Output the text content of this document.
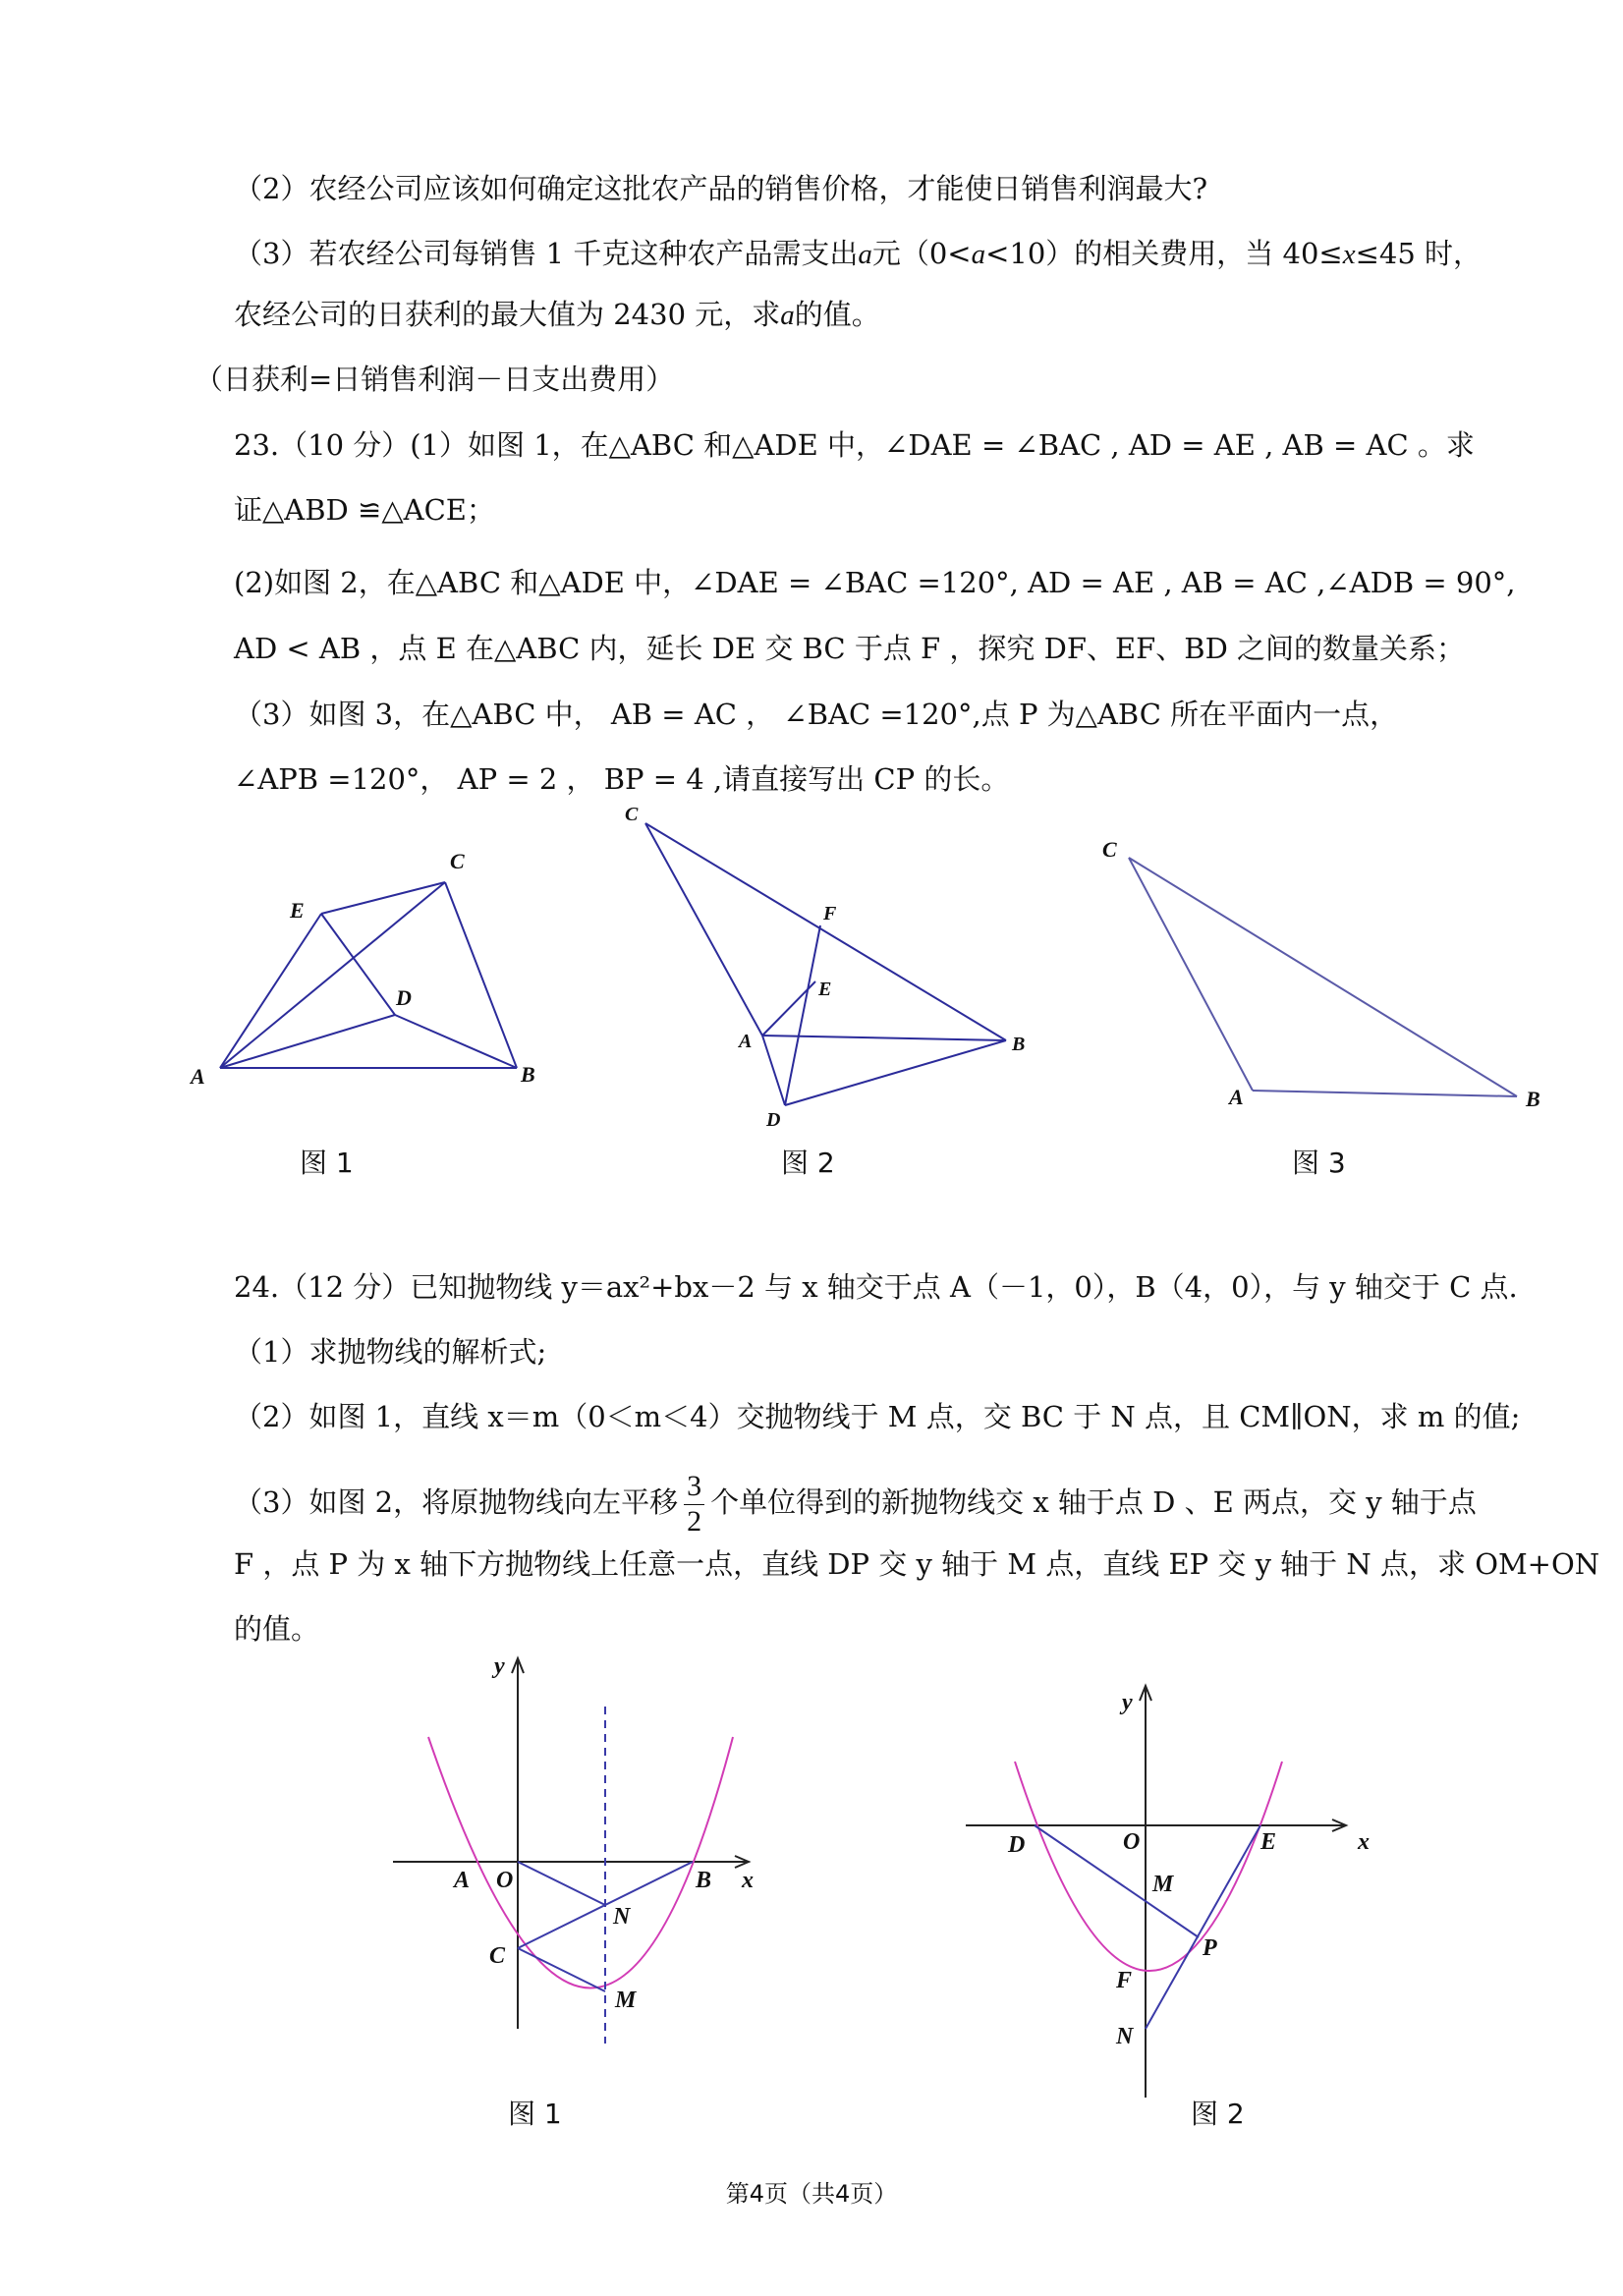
（2）农经公司应该如何确定这批农产品的销售价格，才能使日销售利润最大?
（3）若农经公司每销售 1 千克这种农产品需支出a元（0<a<10）的相关费用，当 40≤x≤45 时，
农经公司的日获利的最大值为 2430 元，求a的值。
（日获利=日销售利润－日支出费用）
23.（10 分）(1）如图 1，在△ABC 和△ADE 中，∠DAE = ∠BAC , AD = AE , AB = AC 。求
证△ABD ≌△ACE；
(2)如图 2，在△ABC 和△ADE 中，∠DAE = ∠BAC =120°, AD = AE , AB = AC ,∠ADB = 90°,
AD < AB ，点 E 在△ABC 内，延长 DE 交 BC 于点 F ，探究 DF、EF、BD 之间的数量关系；
（3）如图 3，在△ABC 中， AB = AC ， ∠BAC =120°,点 P 为△ABC 所在平面内一点，
∠APB =120°， AP = 2 ， BP = 4 ,请直接写出 CP 的长。
A	B
C
D
E
C
F
E
A	B
D
C
A	B
图 1	图 2	图 3
24.（12 分）已知抛物线 y＝ax²+bx－2 与 x 轴交于点 A（－1，0），B（4，0），与 y 轴交于 C 点.
（1）求抛物线的解析式;
（2）如图 1，直线 x＝m（0＜m＜4）交抛物线于 M 点，交 BC 于 N 点，且 CM∥ON，求 m 的值;
（3）如图 2，将原抛物线向左平移 $\frac{3}{2}$ 个单位得到的新抛物线交 x 轴于点 D 、E 两点，交 y 轴于点
F ，点 P 为 x 轴下方抛物线上任意一点，直线 DP 交 y 轴于 M 点，直线 EP 交 y 轴于 N 点，求 OM+ON
的值。
y
x
A O	B
N
C
M
y
x
D	O	E
M
P
F
N
图 1	图 2
第4页（共4页）
